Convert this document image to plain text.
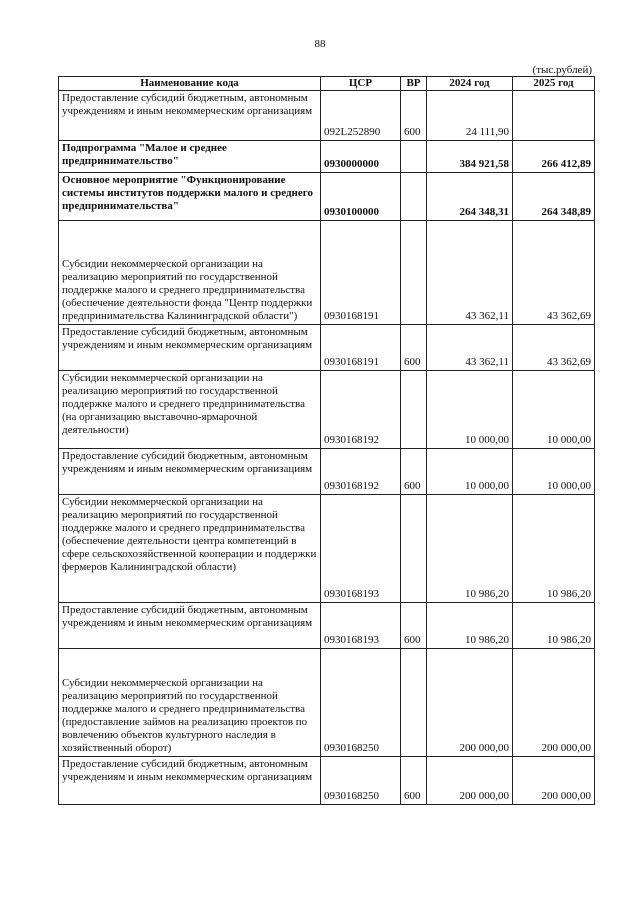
88
(тыс.рублей)
Наименование кода	ЦСР	ВР	2024 год	2025 год
Предоставление субсидий бюджетным, автономным учреждениям и иным некоммерческим организациям	092L252890	600	24 111,90	
Подпрограмма "Малое и среднее предпринимательство"	0930000000		384 921,58	266 412,89
Основное мероприятие "Функционирование системы институтов поддержки малого и среднего предпринимательства"	0930100000		264 348,31	264 348,89
Субсидии некоммерческой организации на реализацию мероприятий по государственной поддержке малого и среднего предпринимательства (обеспечение деятельности фонда "Центр поддержки предпринимательства Калининградской области")	0930168191		43 362,11	43 362,69
Предоставление субсидий бюджетным, автономным учреждениям и иным некоммерческим организациям	0930168191	600	43 362,11	43 362,69
Субсидии некоммерческой организации на реализацию мероприятий по государственной поддержке малого и среднего предпринимательства (на организацию выставочно-ярмарочной деятельности)	0930168192		10 000,00	10 000,00
Предоставление субсидий бюджетным, автономным учреждениям и иным некоммерческим организациям	0930168192	600	10 000,00	10 000,00
Субсидии некоммерческой организации на реализацию мероприятий по государственной поддержке малого и среднего предпринимательства (обеспечение деятельности центра компетенций в сфере сельскохозяйственной кооперации и поддержки фермеров Калининградской области)	0930168193		10 986,20	10 986,20
Предоставление субсидий бюджетным, автономным учреждениям и иным некоммерческим организациям	0930168193	600	10 986,20	10 986,20
Субсидии некоммерческой организации на реализацию мероприятий по государственной поддержке малого и среднего предпринимательства (предоставление займов на реализацию проектов по вовлечению объектов культурного наследия в хозяйственный оборот)	0930168250		200 000,00	200 000,00
Предоставление субсидий бюджетным, автономным учреждениям и иным некоммерческим организациям	0930168250	600	200 000,00	200 000,00
